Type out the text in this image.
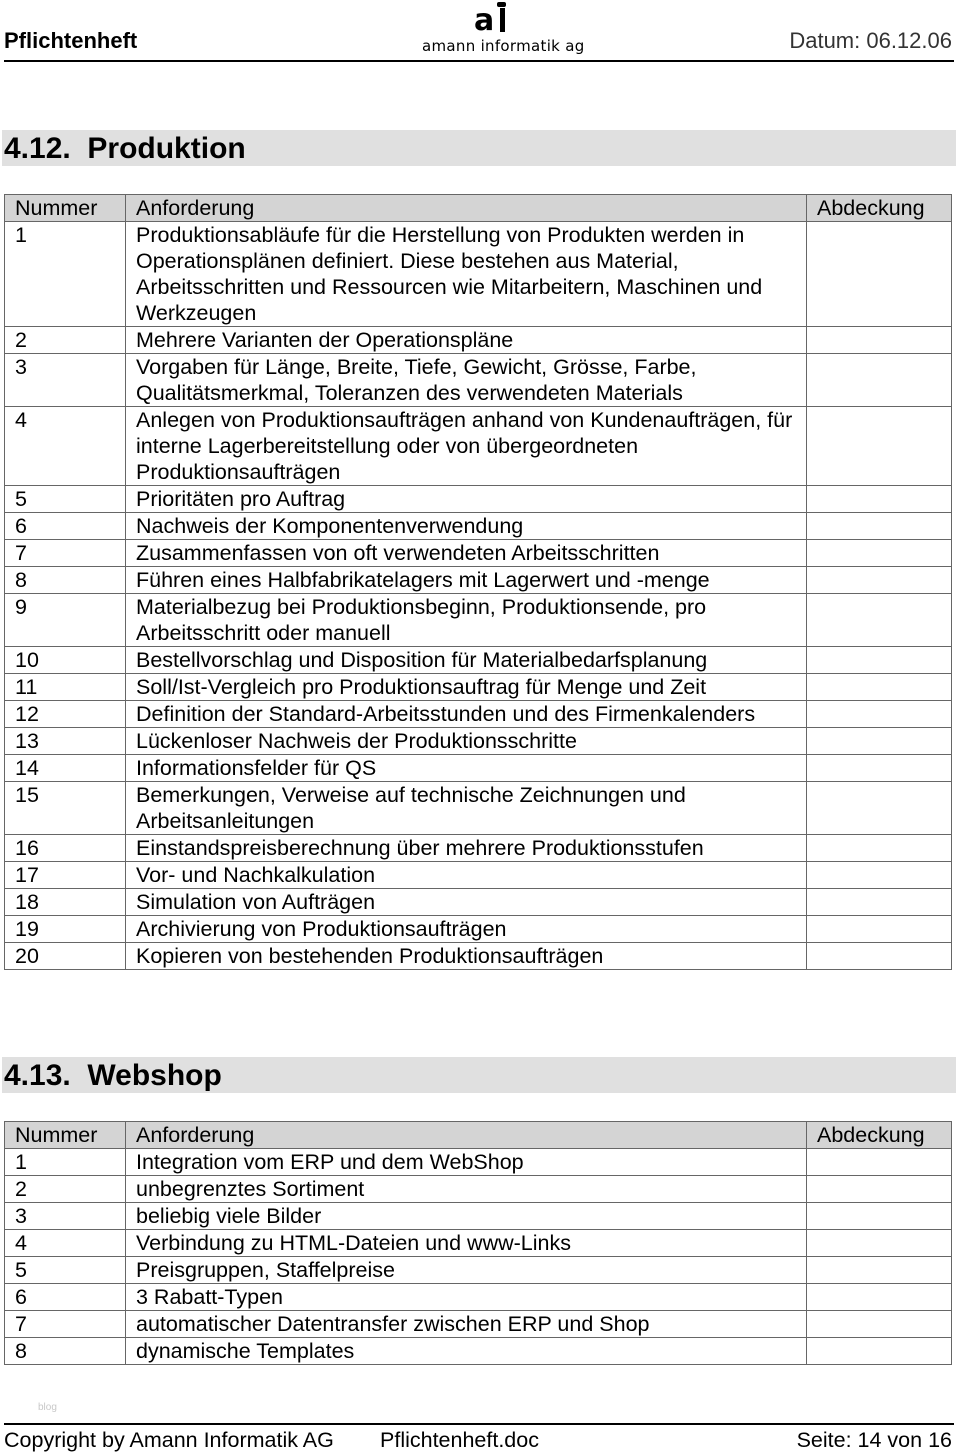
Pflichtenheft
a
amann informatik ag	Datum: 06.12.06
4.12.  Produktion
Nummer	Anforderung	Abdeckung
1	Produktionsabläufe für die Herstellung von Produkten werden in Operationsplänen definiert. Diese bestehen aus Material, Arbeitsschritten und Ressourcen wie Mitarbeitern, Maschinen und Werkzeugen	
2	Mehrere Varianten der Operationspläne	
3	Vorgaben für Länge, Breite, Tiefe, Gewicht, Grösse, Farbe, Qualitätsmerkmal, Toleranzen des verwendeten Materials	
4	Anlegen von Produktionsaufträgen anhand von Kundenaufträgen, für interne Lagerbereitstellung oder von übergeordneten Produktionsaufträgen	
5	Prioritäten pro Auftrag	
6	Nachweis der Komponentenverwendung	
7	Zusammenfassen von oft verwendeten Arbeitsschritten	
8	Führen eines Halbfabrikatelagers mit Lagerwert und -menge	
9	Materialbezug bei Produktionsbeginn, Produktionsende, pro Arbeitsschritt oder manuell	
10	Bestellvorschlag und Disposition für Materialbedarfsplanung	
11	Soll/Ist-Vergleich pro Produktionsauftrag für Menge und Zeit	
12	Definition der Standard-Arbeitsstunden und des Firmenkalenders	
13	Lückenloser Nachweis der Produktionsschritte	
14	Informationsfelder für QS	
15	Bemerkungen, Verweise auf technische Zeichnungen und Arbeitsanleitungen	
16	Einstandspreisberechnung über mehrere Produktionsstufen	
17	Vor- und Nachkalkulation	
18	Simulation von Aufträgen	
19	Archivierung von Produktionsaufträgen	
20	Kopieren von bestehenden Produktionsaufträgen	
4.13.  Webshop
Nummer	Anforderung	Abdeckung
1	Integration vom ERP und dem WebShop	
2	unbegrenztes Sortiment	
3	beliebig viele Bilder	
4	Verbindung zu HTML-Dateien und www-Links	
5	Preisgruppen, Staffelpreise	
6	3 Rabatt-Typen	
7	automatischer Datentransfer zwischen ERP und Shop	
8	dynamische Templates	
blog
Copyright by Amann Informatik AG Pflichtenheft.doc	Seite: 14 von 16
